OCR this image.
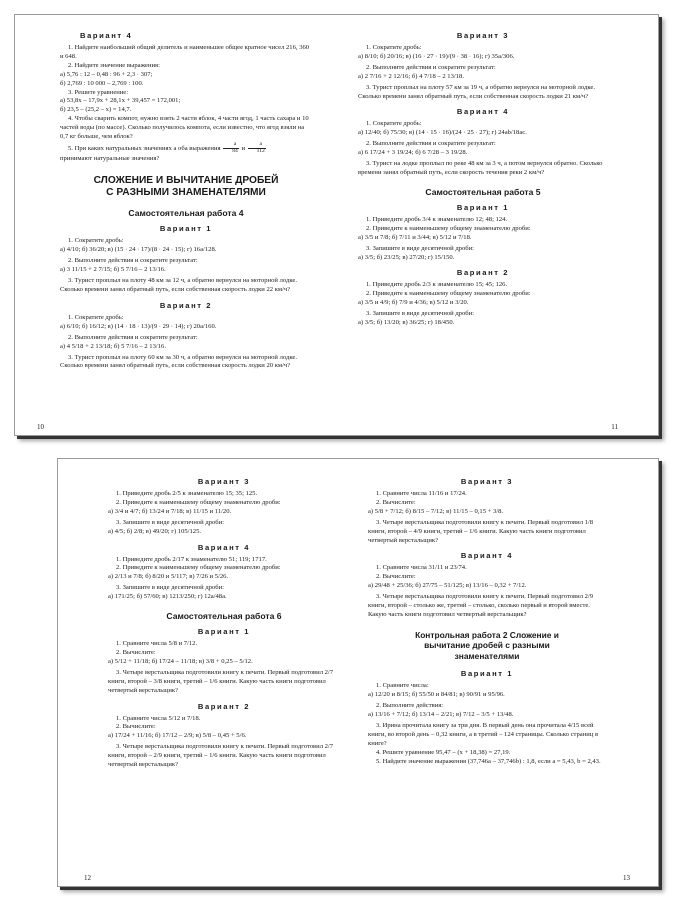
Вариант 4

1. Найдите наибольший общий делитель и наименьшее общее кратное чисел 216, 360 и 648.

2. Найдите значение выражения:

а) 5,76 : 12 – 0,48 : 96 + 2,3 · 307;

б) 2,769 : 10 000 – 2,769 : 100.

3. Решите уравнение:

а) 53,8x – 17,9x + 28,1x + 39,457 = 172,001;

б) 23,5 – (25,2 – x) = 14,7.

4. Чтобы сварить компот, нужно взять 2 части яблок, 4 части ягод, 1 часть сахара и 10 частей воды (по массе). Сколько получилось компота, если известно, что ягод взяли на 0,7 кг больше, чем яблок?

5. При каких натуральных значениях a оба выражения $\frac{a}{84}$ и $\frac{a}{112}$

принимают натуральные значения?

СЛОЖЕНИЕ И ВЫЧИТАНИЕ ДРОБЕЙ С РАЗНЫМИ ЗНАМЕНАТЕЛЯМИ
Самостоятельная работа 4
Вариант 1

1. Сократите дробь:

а) 4/10; б) 36/20; в) (15 · 24 · 17)/(8 · 24 · 15); г) 16a/128.

2. Выполните действия и сократите результат:

а) 3 11/15 + 2 7/15; б) 5 7/16 – 2 13/16.

3. Турист проплыл на плоту 48 км за 12 ч, а обратно вернулся на моторной лодке. Сколько времени занял обратный путь, если собственная скорость лодки 22 км/ч?

Вариант 2

1. Сократите дробь:

а) 6/10; б) 16/12; в) (14 · 18 · 13)/(9 · 29 · 14); г) 20a/160.

2. Выполните действия и сократите результат:

а) 4 5/18 + 2 13/18; б) 5 7/16 – 2 13/16.

3. Турист проплыл на плоту 60 км за 30 ч, а обратно вернулся на моторной лодке. Сколько времени занял обратный путь, если собственная скорость лодки 20 км/ч?

10
Вариант 3

1. Сократите дробь:

а) 8/10; б) 20/16; в) (16 · 27 · 19)/(9 · 38 · 16); г) 35a/306.

2. Выполните действия и сократите результат:

а) 2 7/16 + 2 12/16; б) 4 7/18 – 2 13/18.

3. Турист проплыл на плоту 57 км за 19 ч, а обратно вернулся на моторной лодке. Сколько времени занял обратный путь, если собственная скорость лодки 21 км/ч?

Вариант 4

1. Сократите дробь:

а) 12/40; б) 75/30; в) (14 · 15 · 16)/(24 · 25 · 27); г) 24ab/18ac.

2. Выполните действия и сократите результат:

а) 6 17/24 + 3 19/24; б) 6 7/28 – 3 19/28.

3. Турист на лодке проплыл по реке 48 км за 3 ч, а потом вернулся обратно. Сколько времени занял обратный путь, если скорость течения реки 2 км/ч?

Самостоятельная работа 5
Вариант 1

1. Приведите дробь 3/4 к знаменателю 12; 48; 124.

2. Приведите к наименьшему общему знаменателю дроби:

а) 3/5 и 7/8; б) 7/11 и 3/44; в) 5/12 и 7/18.

3. Запишите в виде десятичной дроби:

а) 3/5; б) 23/25; в) 27/20; г) 15/150.

Вариант 2

1. Приведите дробь 2/3 к знаменателю 15; 45; 126.

2. Приведите к наименьшему общему знаменателю дроби:

а) 3/5 и 4/9; б) 7/9 и 4/36; в) 5/12 и 3/20.

3. Запишите в виде десятичной дроби:

а) 3/5; б) 13/20; в) 36/25; г) 18/450.

11
Вариант 3

1. Приведите дробь 2/5 к знаменателю 15; 35; 125.

2. Приведите к наименьшему общему знаменателю дроби:

а) 3/4 и 4/7; б) 13/24 и 7/18; в) 11/15 и 11/20.

3. Запишите в виде десятичной дроби:

а) 4/5; б) 2/8; в) 49/20; г) 105/125.

Вариант 4

1. Приведите дробь 2/17 к знаменателю 51; 119; 1717.

2. Приведите к наименьшему общему знаменателю дроби:

а) 2/13 и 7/8; б) 8/20 и 5/117; в) 7/26 и 5/26.

3. Запишите в виде десятичной дроби:

а) 171/25; б) 57/60; в) 1213/250; г) 12a/48a.

Самостоятельная работа 6
Вариант 1

1. Сравните числа 5/8 и 7/12.

2. Вычислите:

а) 5/12 + 11/18; б) 17/24 – 11/18; в) 3/8 + 0,25 – 5/12.

3. Четыре верстальщика подготовили книгу к печати. Первый подготовил 2/7 книги, второй – 3/8 книги, третий – 1/6 книги. Какую часть книги подготовил четвертый верстальщик?

Вариант 2

1. Сравните числа 5/12 и 7/18.

2. Вычислите:

а) 17/24 + 11/16; б) 17/12 – 2/9; в) 5/8 – 0,45 + 5/6.

3. Четыре верстальщика подготовили книгу к печати. Первый подготовил 2/7 книги, второй – 2/9 книги, третий – 1/6 книги. Какую часть книги подготовил четвертый верстальщик?

12
Вариант 3

1. Сравните числа 11/16 и 17/24.

2. Вычислите:

а) 5/8 + 7/12; б) 8/15 – 7/12; в) 11/15 – 0,15 + 3/8.

3. Четыре верстальщика подготовили книгу к печати. Первый подготовил 1/8 книги, второй – 4/9 книги, третий – 1/6 книги. Какую часть книги подготовил четвертый верстальщик?

Вариант 4

1. Сравните числа 31/11 и 23/74.

2. Вычислите:

а) 29/48 + 25/36; б) 27/75 – 51/125; в) 13/16 – 0,32 + 7/12.

3. Четыре верстальщика подготовили книгу к печати. Первый подготовил 2/9 книги, второй – столько же, третий – столько, сколько первый и второй вместе. Какую часть книги подготовил четвертый верстальщик?

Контрольная работа 2 Сложение и вычитание дробей с разными знаменателями
Вариант 1

1. Сравните числа:

а) 12/20 и 8/15; б) 55/50 и 84/81; в) 90/91 и 95/96.

2. Выполните действия:

а) 13/16 + 7/12; б) 13/14 – 2/21; в) 7/12 – 3/5 + 13/48.

3. Ирина прочитала книгу за три дня. В первый день она прочитала 4/15 всей книги, во второй день – 0,32 книги, а в третий – 124 страницы. Сколько страниц в книге?

4. Решите уравнение 95,47 – (x + 18,38) = 27,19.

5. Найдите значение выражения (37,746a – 37,746b) : 1,8, если a = 5,43, b = 2,43.

13
